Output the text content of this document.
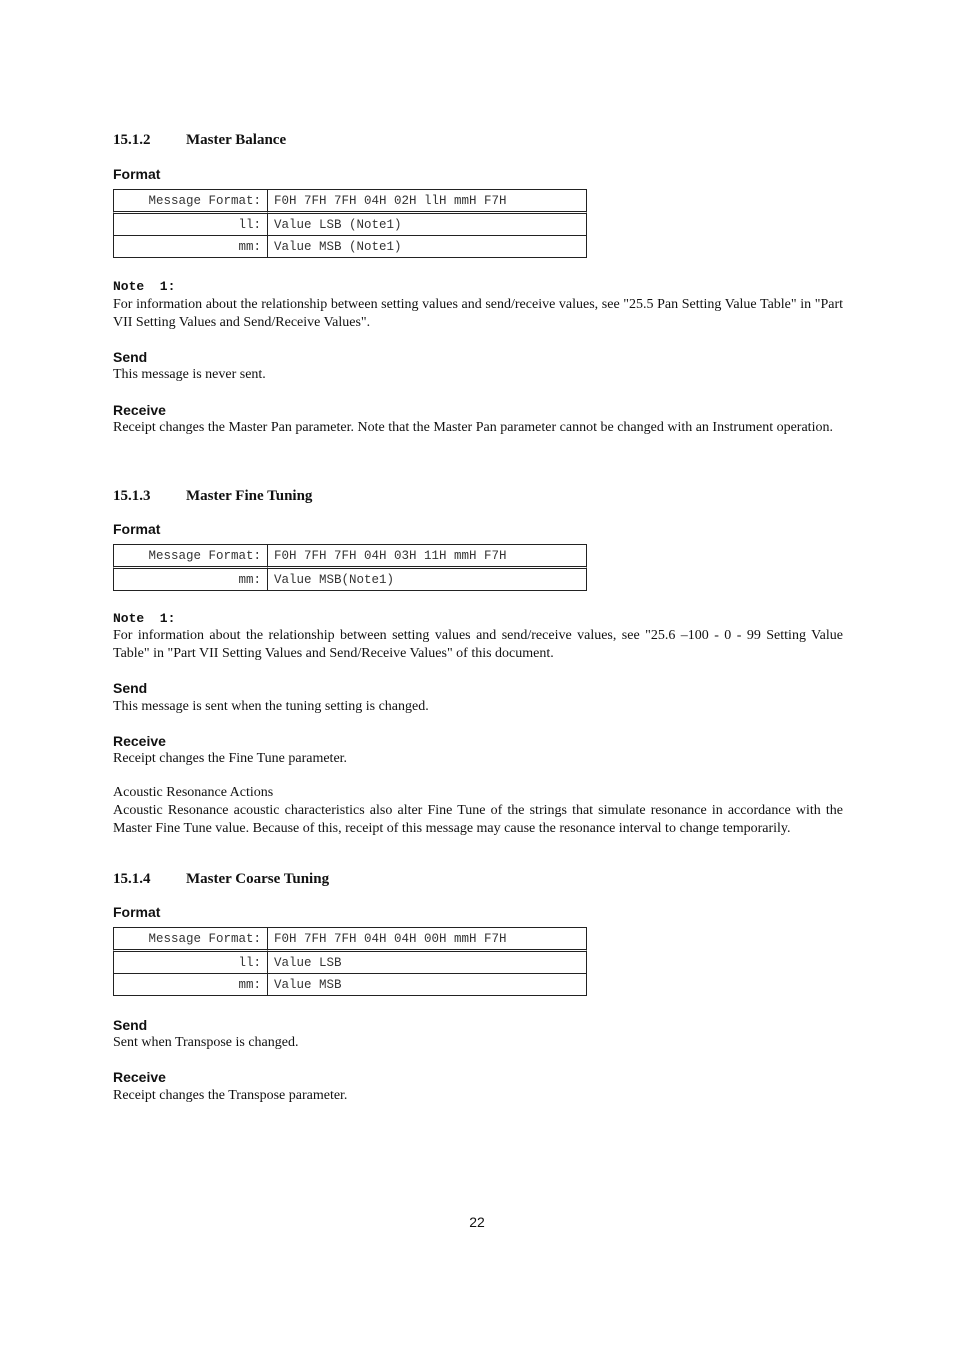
15.1.2 Master Balance
Format
Message Format:	F0H 7FH 7FH 04H 02H llH mmH F7H
ll:	Value LSB (Note1)
mm:	Value MSB (Note1)
Note  1:
For information about the relationship between setting values and send/receive values, see "25.5 Pan Setting Value Table" in "Part VII Setting Values and Send/Receive Values".
Send
This message is never sent.
Receive
Receipt changes the Master Pan parameter. Note that the Master Pan parameter cannot be changed with an Instrument operation.
15.1.3 Master Fine Tuning
Format
Message Format:	F0H 7FH 7FH 04H 03H 11H mmH F7H
mm:	Value MSB(Note1)
Note  1:
For information about the relationship between setting values and send/receive values, see "25.6 –100 - 0 - 99 Setting Value Table" in "Part VII Setting Values and Send/Receive Values" of this document.
Send
This message is sent when the tuning setting is changed.
Receive
Receipt changes the Fine Tune parameter.
Acoustic Resonance Actions
Acoustic Resonance acoustic characteristics also alter Fine Tune of the strings that simulate resonance in accordance with the Master Fine Tune value. Because of this, receipt of this message may cause the resonance interval to change temporarily.
15.1.4 Master Coarse Tuning
Format
Message Format:	F0H 7FH 7FH 04H 04H 00H mmH F7H
ll:	Value LSB
mm:	Value MSB
Send
Sent when Transpose is changed.
Receive
Receipt changes the Transpose parameter.
22
